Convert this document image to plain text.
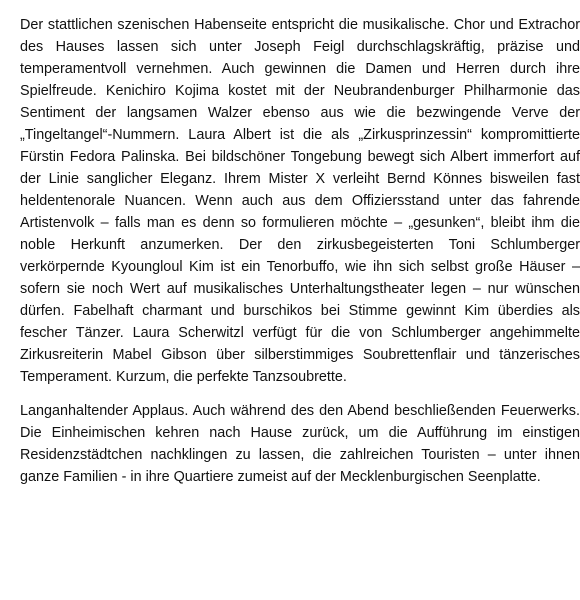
Der stattlichen szenischen Habenseite entspricht die musikalische. Chor und Extrachor des Hauses lassen sich unter Joseph Feigl durchschlagskräftig, präzise und temperamentvoll vernehmen. Auch gewinnen die Damen und Herren durch ihre Spielfreude. Kenichiro Kojima kostet mit der Neubrandenburger Philharmonie das Sentiment der langsamen Walzer ebenso aus wie die bezwingende Verve der „Tingeltangel“-Nummern. Laura Albert ist die als „Zirkusprinzessin“ kompromittierte Fürstin Fedora Palinska. Bei bildschöner Tongebung bewegt sich Albert immerfort auf der Linie sanglicher Eleganz. Ihrem Mister X verleiht Bernd Könnes bisweilen fast heldentenorale Nuancen. Wenn auch aus dem Offiziersstand unter das fahrende Artistenvolk – falls man es denn so formulieren möchte – „gesunken“, bleibt ihm die noble Herkunft anzumerken. Der den zirkusbegeisterten Toni Schlumberger verkörpernde Kyounglou​l Kim ist ein Tenorbuffo, wie ihn sich selbst große Häuser – sofern sie noch Wert auf musikalisches Unterhaltungstheater legen – nur wünschen dürfen. Fabelhaft charmant und burschikos bei Stimme gewinnt Kim überdies als fescher Tänzer. Laura Scherwitzl verfügt für die von Schlumberger angehimmelte Zirkusreiterin Mabel Gibson über silberstimmiges Soubrettenflair und tänzerisches Temperament. Kurzum, die perfekte Tanzsoubrette.

Langanhaltender Applaus. Auch während des den Abend beschließenden Feuerwerks. Die Einheimischen kehren nach Hause zurück, um die Aufführung im einstigen Residenzstädtchen nachklingen zu lassen, die zahlreichen Touristen – unter ihnen ganze Familien - in ihre Quartiere zumeist auf der Mecklenburgischen Seenplatte.
